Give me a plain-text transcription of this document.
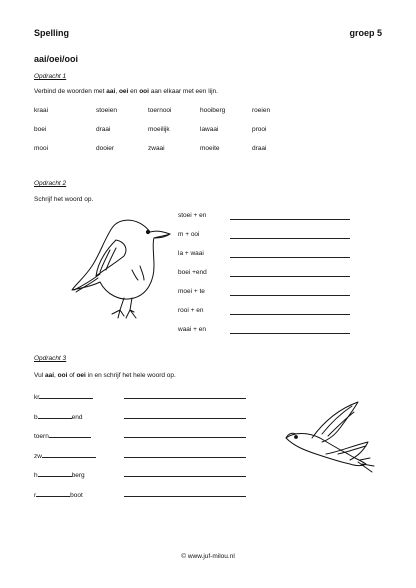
Spelling	groep 5
aai/oei/ooi
Opdracht 1
Verbind de woorden met aai, oei en ooi aan elkaar met een lijn.
kraai	stoeien	toernooi	hooiberg	roeien
boei	draai	moeilijk	lawaai	prooi
mooi	dooier	zwaai	moeite	draai
Opdracht 2
Schrijf het woord op.
stoei + en
m + ooi
la + waai
boei +end
moei + te
rooi + en
waai + en
Opdracht 3
Vul aai, ooi of oei in en schrijf het hele woord op.
kr
b	end
toern
zw
h	berg
r	boot
© www.juf-milou.nl
